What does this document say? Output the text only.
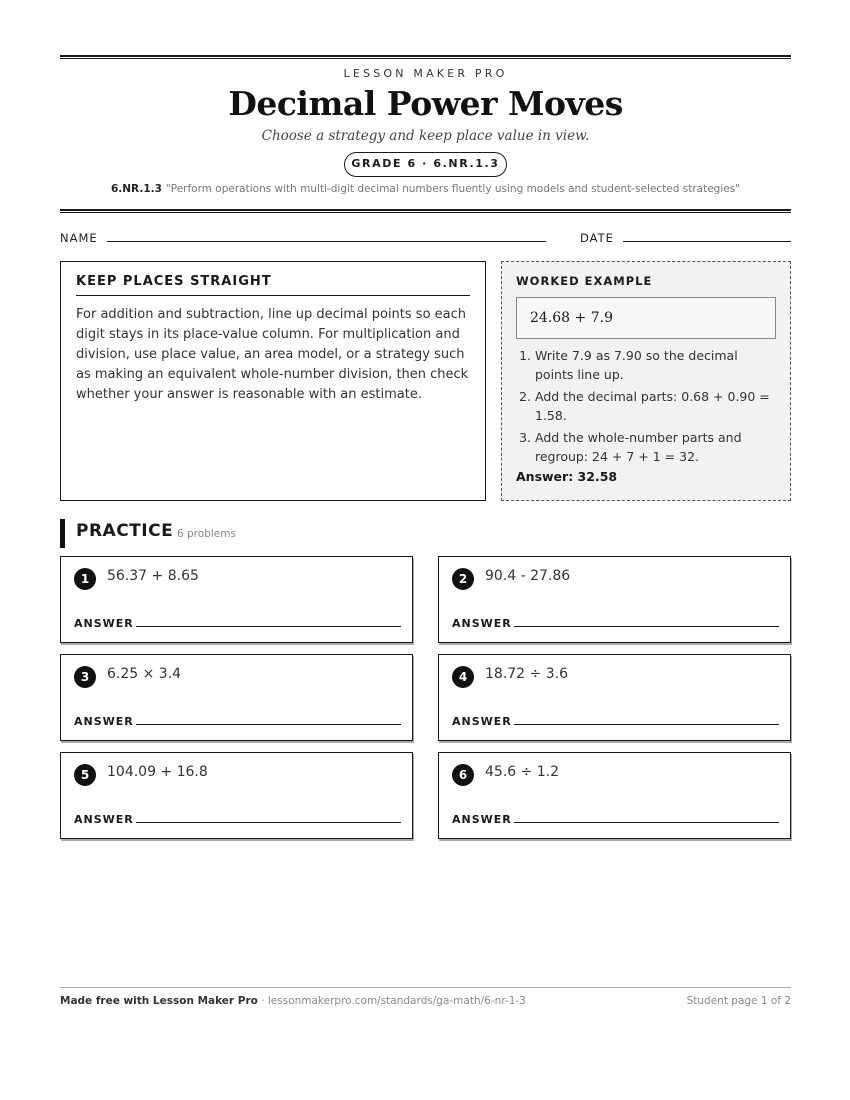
LESSON MAKER PRO
Decimal Power Moves
Choose a strategy and keep place value in view.
GRADE 6 · 6.NR.1.3
6.NR.1.3 "Perform operations with multi-digit decimal numbers fluently using models and student-selected strategies"
NAME	DATE
KEEP PLACES STRAIGHT

For addition and subtraction, line up decimal points so each digit stays in its place-value column. For multiplication and division, use place value, an area model, or a strategy such as making an equivalent whole-number division, then check whether your answer is reasonable with an estimate.

WORKED EXAMPLE
24.68 + 7.9
1. Write 7.9 as 7.90 so the decimal points line up.
2. Add the decimal parts: 0.68 + 0.90 = 1.58.
3. Add the whole-number parts and regroup: 24 + 7 + 1 = 32.
Answer: 32.58
PRACTICE 6 problems
1	56.37 + 8.65
ANSWER
2	90.4 - 27.86
ANSWER
3	6.25 × 3.4
ANSWER
4	18.72 ÷ 3.6
ANSWER
5	104.09 + 16.8
ANSWER
6	45.6 ÷ 1.2
ANSWER
Made free with Lesson Maker Pro · lessonmakerpro.com/standards/ga-math/6-nr-1-3	Student page 1 of 2
